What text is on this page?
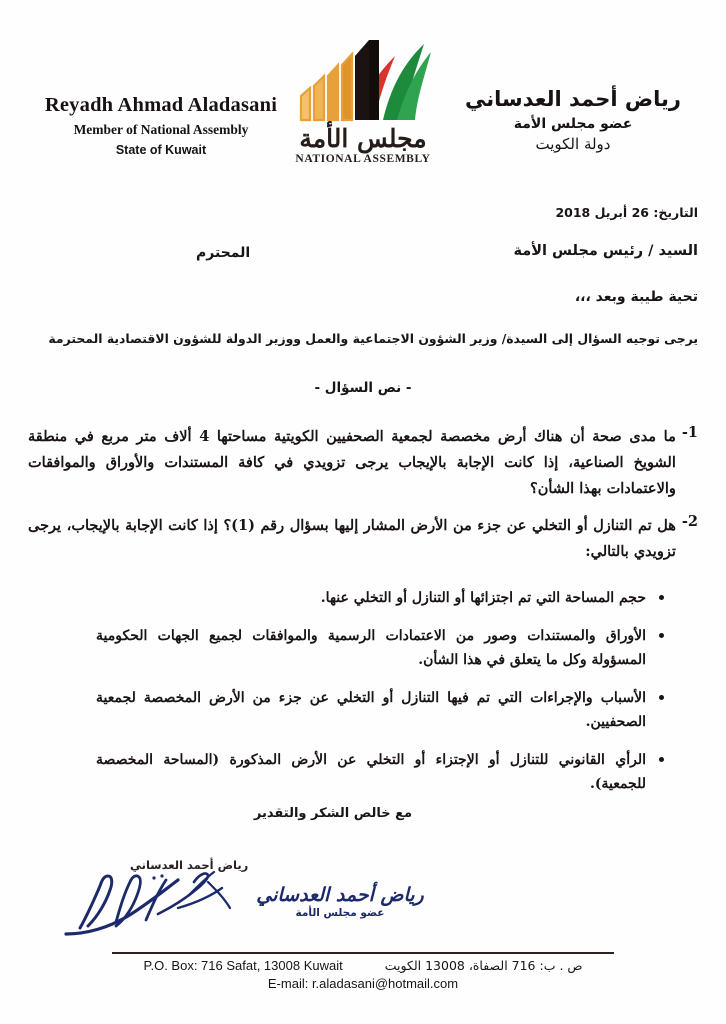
Reyadh Ahmad Aladasani
Member of National Assembly
State of Kuwait	مجلس الأمة
NATIONAL ASSEMBLY
رياض أحمد العدساني
عضو مجلس الأمة
دولة الكويت
التاريخ: 26 أبريل 2018
السيد / رئيس مجلس الأمة
المحترم
تحية طيبة وبعد ،،،
يرجى توجيه السؤال إلى السيدة/ وزير الشؤون الاجتماعية والعمل ووزير الدولة للشؤون الاقتصادية المحترمة
- نص السؤال -
1-
ما مدى صحة أن هناك أرض مخصصة لجمعية الصحفيين الكويتية مساحتها 4 ألاف متر مربع في منطقة الشويخ الصناعية، إذا كانت الإجابة بالإيجاب يرجى تزويدي في كافة المستندات والأوراق والموافقات والاعتمادات بهذا الشأن؟
2-
هل تم التنازل أو التخلي عن جزء من الأرض المشار إليها بسؤال رقم (1)؟ إذا كانت الإجابة بالإيجاب، يرجى تزويدي بالتالي:
حجم المساحة التي تم اجتزائها أو التنازل أو التخلي عنها.
الأوراق والمستندات وصور من الاعتمادات الرسمية والموافقات لجميع الجهات الحكومية المسؤولة وكل ما يتعلق في هذا الشأن.
الأسباب والإجراءات التي تم فيها التنازل أو التخلي عن جزء من الأرض المخصصة لجمعية الصحفيين.
الرأي القانوني للتنازل أو الإجتزاء أو التخلي عن الأرض المذكورة (المساحة المخصصة للجمعية).
مع خالص الشكر والتقدير
رياض أحمد العدساني
رياض أحمد العدساني
عضو مجلس الأمة
P.O. Box: 716 Safat, 13008 Kuwait	ص . ب: 716 الصفاة، 13008 الكويت
E-mail: r.aladasani@hotmail.com
